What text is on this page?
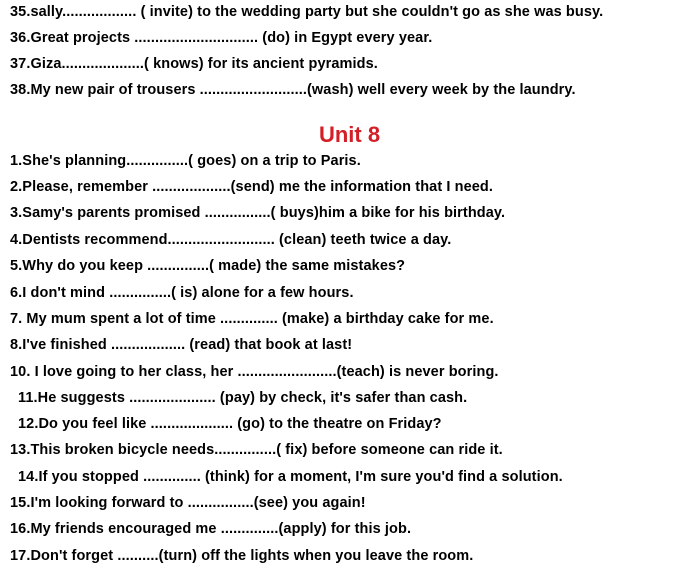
35.sally.................. ( invite) to the wedding party but she couldn't go as she was busy.
36.Great projects .............................. (do) in Egypt every year.
37.Giza....................( knows) for its ancient pyramids.
38.My new pair of trousers ..........................(wash) well every week by the laundry.
Unit 8
1.She's planning...............( goes) on a trip to Paris.
2.Please, remember ...................(send) me the information that I need.
3.Samy's parents promised ................( buys)him a bike for his birthday.
4.Dentists recommend.......................... (clean) teeth twice a day.
5.Why do you keep ...............( made) the same mistakes?
6.I don't mind ...............( is) alone for a few hours.
7. My mum spent a lot of time .............. (make) a birthday cake for me.
8.I've finished .................. (read) that book at last!
10. I love going to her class, her ........................(teach) is never boring.
11.He suggests ..................... (pay) by check, it's safer than cash.
12.Do you feel like .................... (go) to the theatre on Friday?
13.This broken bicycle needs...............( fix) before someone can ride it.
14.If you stopped .............. (think) for a moment, I'm sure you'd find a solution.
15.I'm looking forward to ................(see) you again!
16.My friends encouraged me ..............(apply) for this job.
17.Don't forget ..........(turn) off the lights when you leave the room.
